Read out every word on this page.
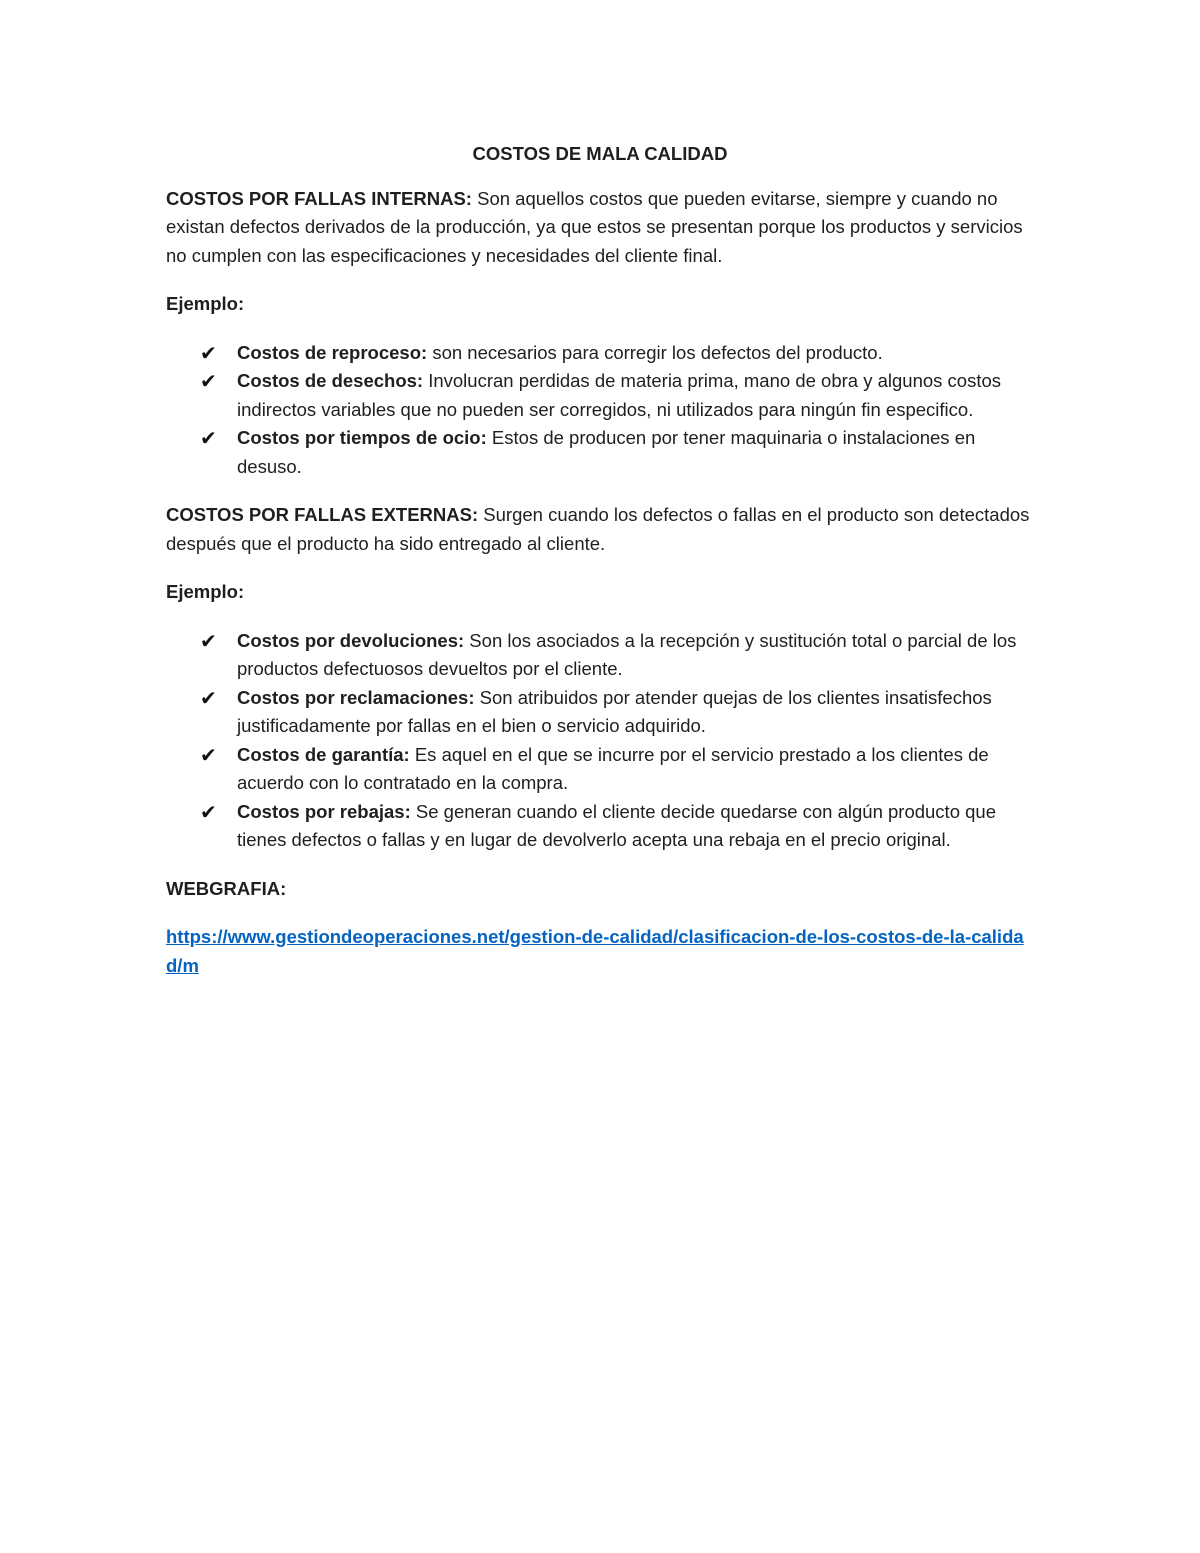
COSTOS DE MALA CALIDAD

COSTOS POR FALLAS INTERNAS: Son aquellos costos que pueden evitarse, siempre y cuando no existan defectos derivados de la producción, ya que estos se presentan porque los productos y servicios no cumplen con las especificaciones y necesidades del cliente final.

Ejemplo:

✔ Costos de reproceso: son necesarios para corregir los defectos del producto.
✔ Costos de desechos: Involucran perdidas de materia prima, mano de obra y algunos costos indirectos variables que no pueden ser corregidos, ni utilizados para ningún fin especifico.
✔ Costos por tiempos de ocio: Estos de producen por tener maquinaria o instalaciones en desuso.

COSTOS POR FALLAS EXTERNAS: Surgen cuando los defectos o fallas en el producto son detectados después que el producto ha sido entregado al cliente.

Ejemplo:

✔ Costos por devoluciones: Son los asociados a la recepción y sustitución total o parcial de los productos defectuosos devueltos por el cliente.
✔ Costos por reclamaciones: Son atribuidos por atender quejas de los clientes insatisfechos justificadamente por fallas en el bien o servicio adquirido.
✔ Costos de garantía: Es aquel en el que se incurre por el servicio prestado a los clientes de acuerdo con lo contratado en la compra.
✔ Costos por rebajas: Se generan cuando el cliente decide quedarse con algún producto que tienes defectos o fallas y en lugar de devolverlo acepta una rebaja en el precio original.

WEBGRAFIA:

https://www.gestiondeoperaciones.net/gestion-de-calidad/clasificacion-de-los-costos-de-la-calidad/m
